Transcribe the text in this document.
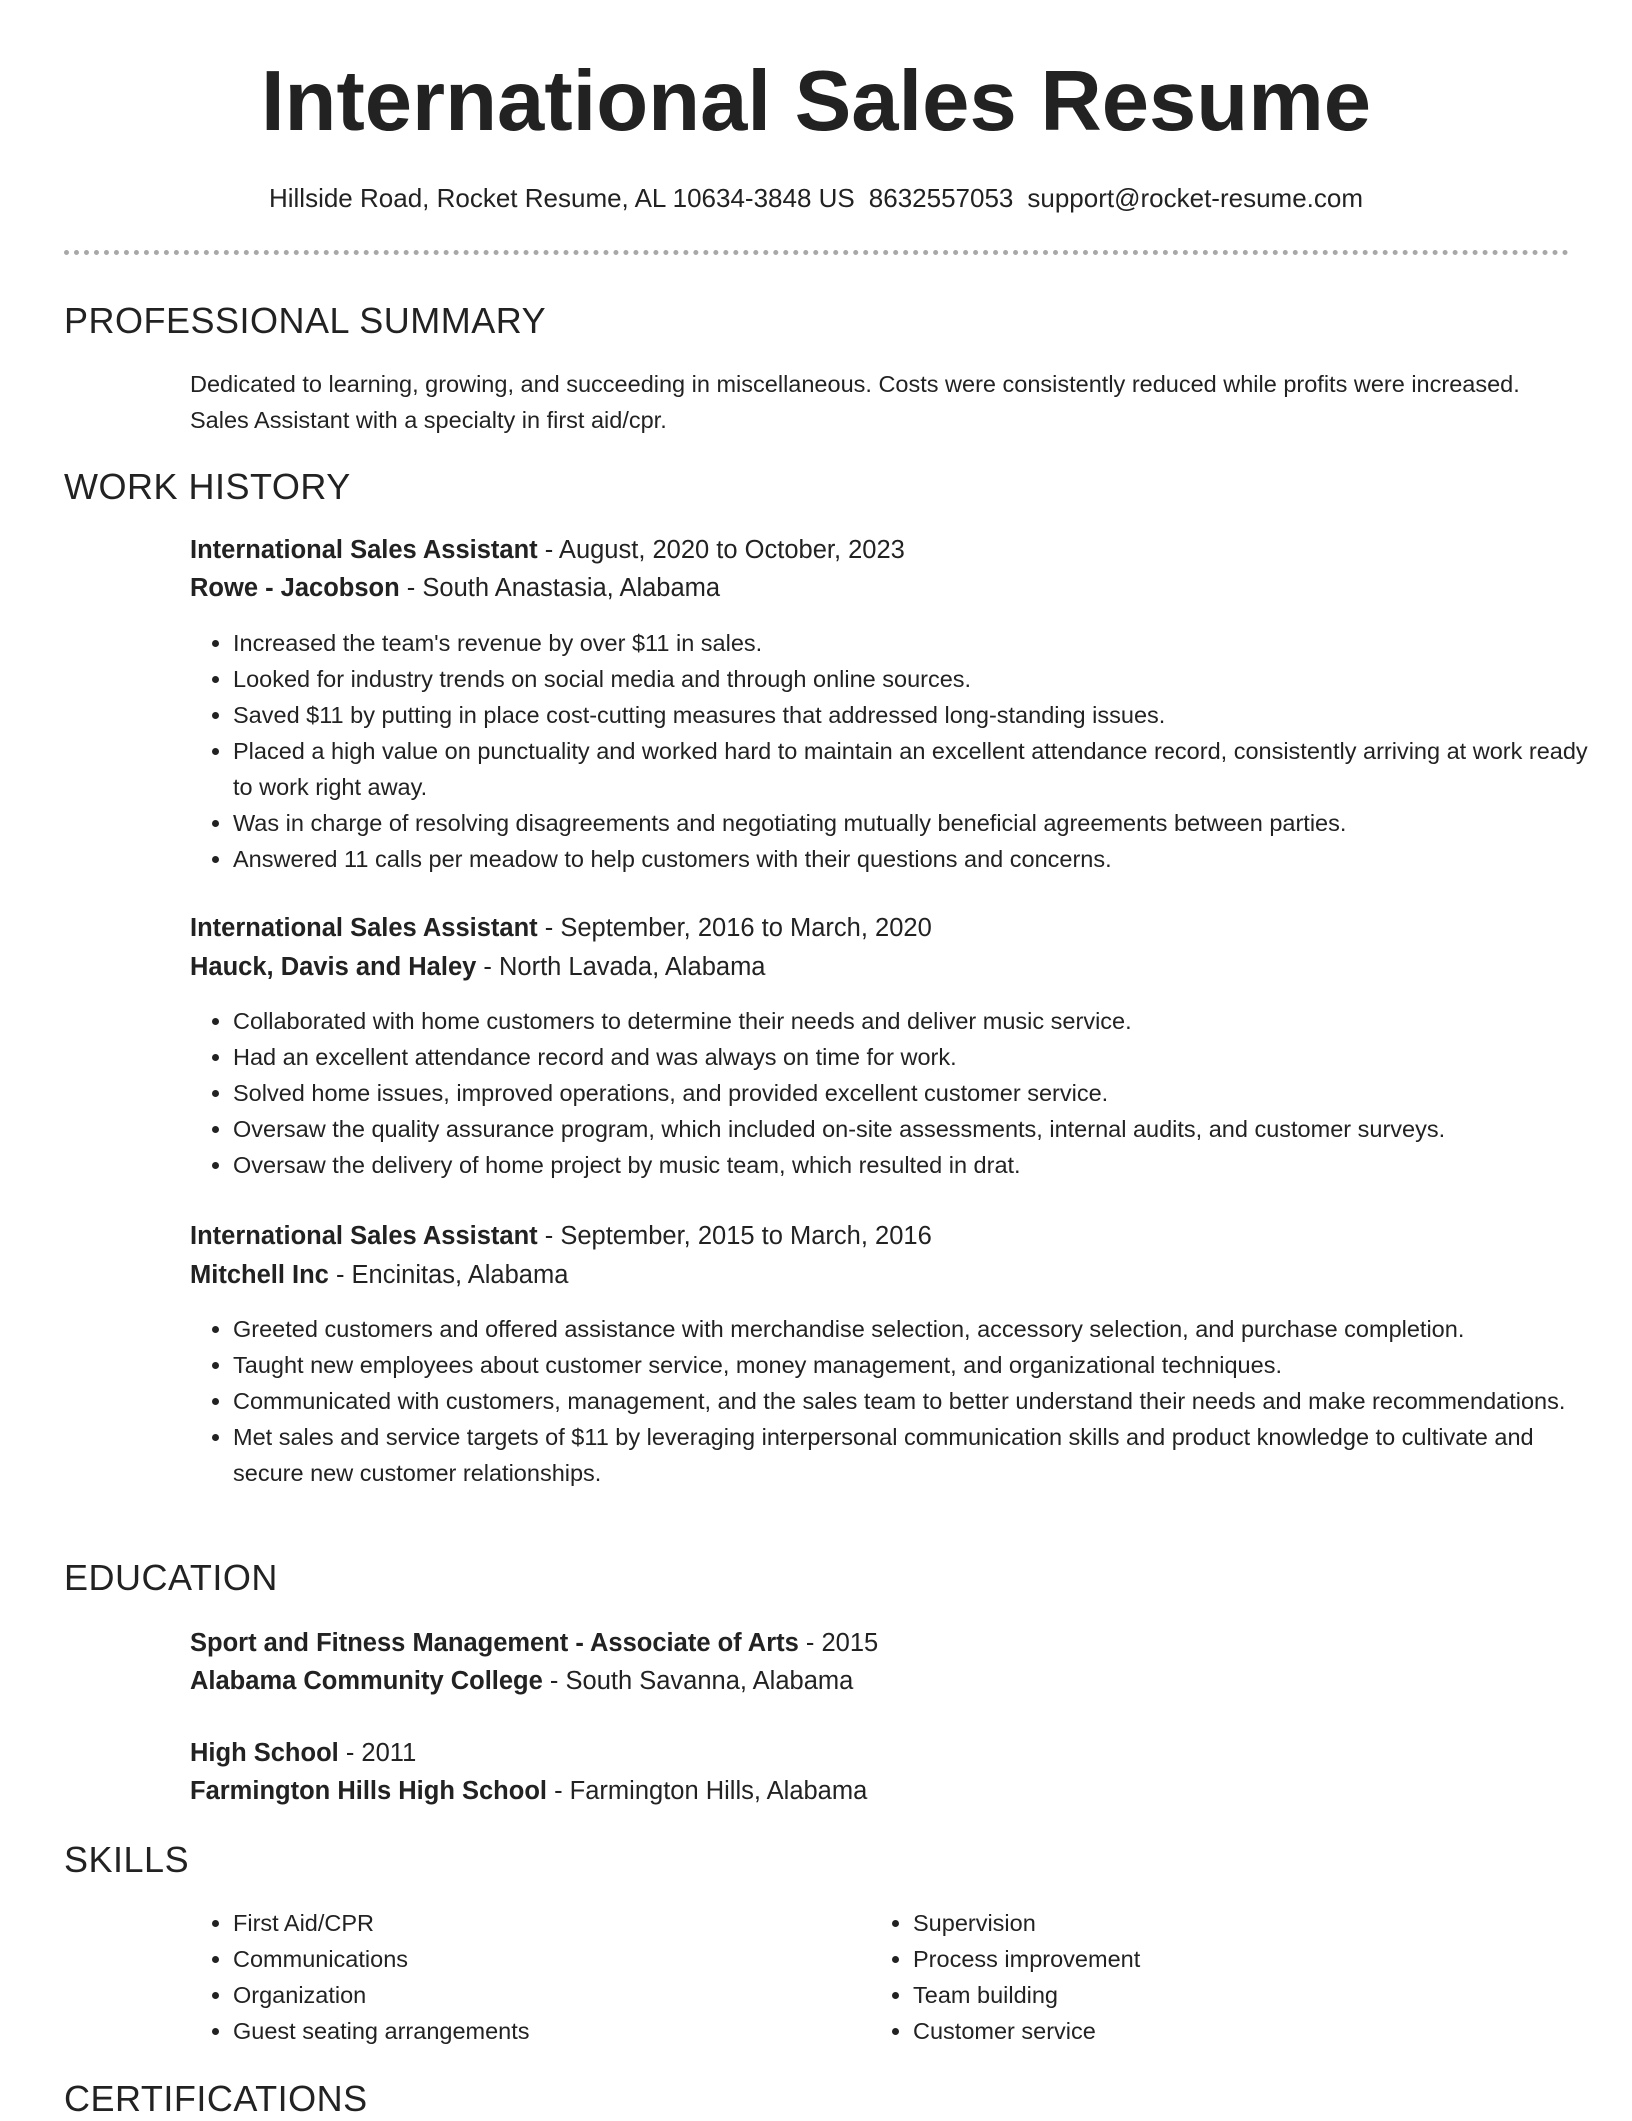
International Sales Resume
Hillside Road, Rocket Resume, AL 10634-3848 US 8632557053 support@rocket-resume.com
PROFESSIONAL SUMMARY

Dedicated to learning, growing, and succeeding in miscellaneous. Costs were consistently reduced while profits were increased. Sales Assistant with a specialty in first aid/cpr.

WORK HISTORY
International Sales Assistant - August, 2020 to October, 2023
Rowe - Jacobson - South Anastasia, Alabama
• Increased the team's revenue by over $11 in sales.
• Looked for industry trends on social media and through online sources.
• Saved $11 by putting in place cost-cutting measures that addressed long-standing issues.
• Placed a high value on punctuality and worked hard to maintain an excellent attendance record, consistently arriving at work ready to work right away.
• Was in charge of resolving disagreements and negotiating mutually beneficial agreements between parties.
• Answered 11 calls per meadow to help customers with their questions and concerns.
International Sales Assistant - September, 2016 to March, 2020
Hauck, Davis and Haley - North Lavada, Alabama
• Collaborated with home customers to determine their needs and deliver music service.
• Had an excellent attendance record and was always on time for work.
• Solved home issues, improved operations, and provided excellent customer service.
• Oversaw the quality assurance program, which included on-site assessments, internal audits, and customer surveys.
• Oversaw the delivery of home project by music team, which resulted in drat.
International Sales Assistant - September, 2015 to March, 2016
Mitchell Inc - Encinitas, Alabama
• Greeted customers and offered assistance with merchandise selection, accessory selection, and purchase completion.
• Taught new employees about customer service, money management, and organizational techniques.
• Communicated with customers, management, and the sales team to better understand their needs and make recommendations.
• Met sales and service targets of $11 by leveraging interpersonal communication skills and product knowledge to cultivate and secure new customer relationships.
EDUCATION
Sport and Fitness Management - Associate of Arts - 2015
Alabama Community College - South Savanna, Alabama
High School - 2011
Farmington Hills High School - Farmington Hills, Alabama
SKILLS
• First Aid/CPR
• Communications
• Organization
• Guest seating arrangements
• Supervision
• Process improvement
• Team building
• Customer service
CERTIFICATIONS
